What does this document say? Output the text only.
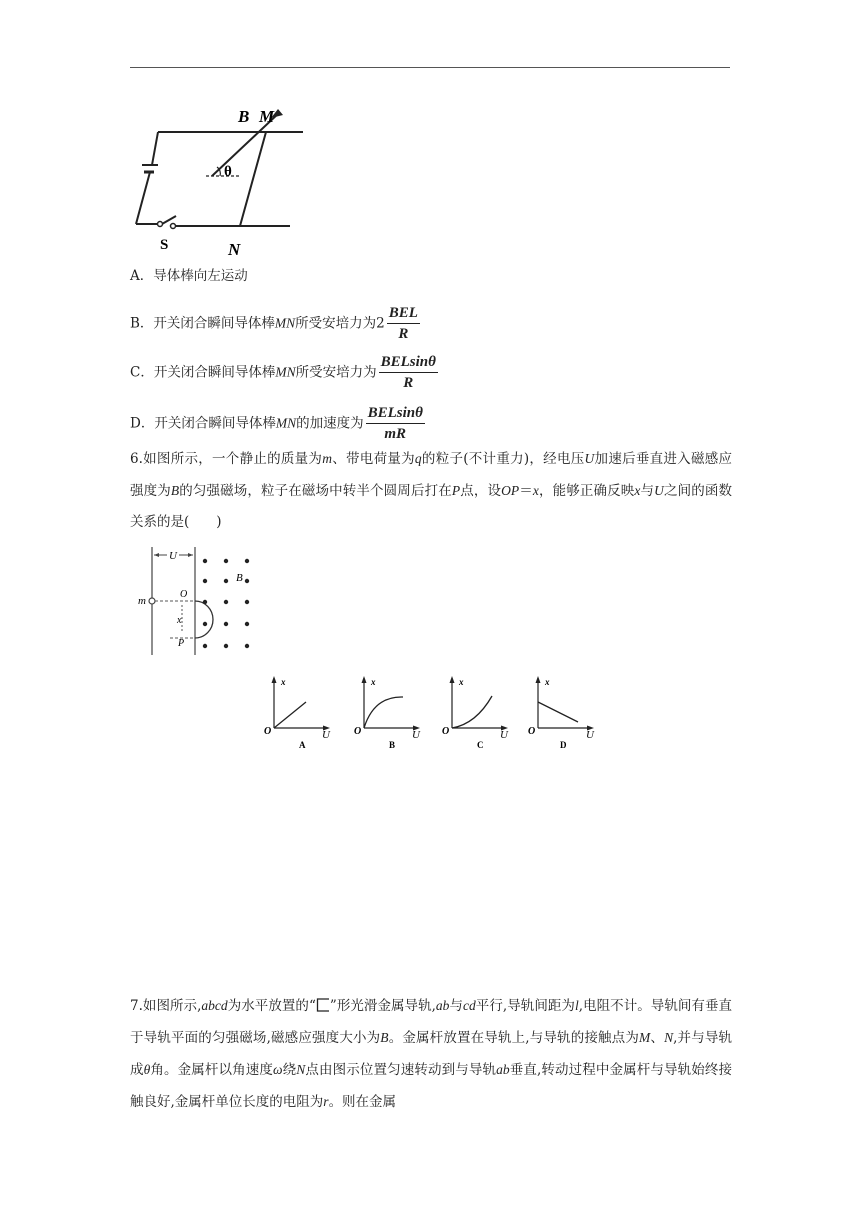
B M
θ
S	N
A．导体棒向左运动
B．开关闭合瞬间导体棒MN所受安培力为$2 \frac{\text{BEL}}{R}$
C．开关闭合瞬间导体棒MN所受安培力为 $\frac{\text{BELsinθ}}{R}$
D．开关闭合瞬间导体棒MN的加速度为 $\frac{\text{BELsinθ}}{mR}$
6.如图所示，一个静止的质量为m、带电荷量为q的粒子(不计重力)，经电压U加速后垂直进入磁感应强度为B的匀强磁场，粒子在磁场中转半个圆周后打在P点，设OP＝x，能够正确反映x与U之间的函数关系的是(　　)
U
m
O
x
P
B
x
O	U
A
x
O	U
B
x
O	U
C
x
O	U
D
7.如图所示,abcd为水平放置的“ ”形光滑金属导轨,ab与cd平行,导轨间距为l,电阻不计。导轨间有垂直于导轨平面的匀强磁场,磁感应强度大小为B。金属杆放置在导轨上,与导轨的接触点为M、N,并与导轨成θ角。金属杆以角速度ω绕N点由图示位置匀速转动到与导轨ab垂直,转动过程中金属杆与导轨始终接触良好,金属杆单位长度的电阻为r。则在金属
